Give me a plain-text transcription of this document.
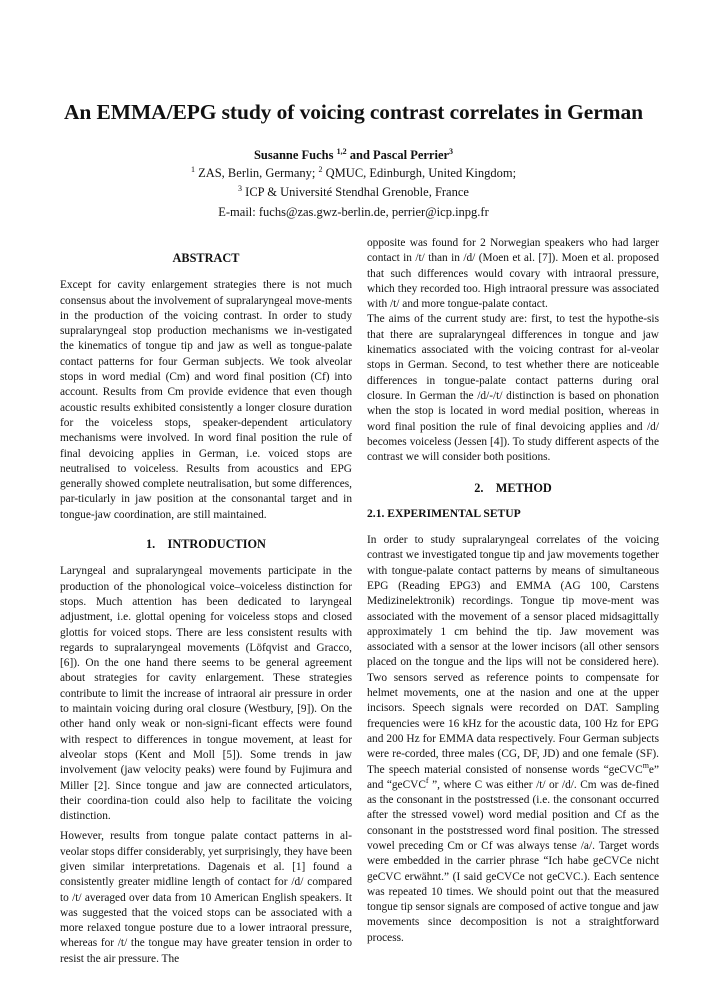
An EMMA/EPG study of voicing contrast correlates in German
Susanne Fuchs $^{1,2}$ and Pascal Perrier$^3$
$^1$ ZAS, Berlin, Germany; $^2$ QMUC, Edinburgh, United Kingdom;
$^3$ ICP & Université Stendhal Grenoble, France
E-mail: fuchs@zas.gwz-berlin.de, perrier@icp.inpg.fr
ABSTRACT

Except for cavity enlargement strategies there is not much consensus about the involvement of supralaryngeal move-ments in the production of the voicing contrast. In order to study supralaryngeal stop production mechanisms we in-vestigated the kinematics of tongue tip and jaw as well as tongue-palate contact patterns for four German subjects. We took alveolar stops in word medial (Cm) and word final position (Cf) into account. Results from Cm provide evidence that even though acoustic results exhibited consistently a longer closure duration for the voiceless stops, speaker-dependent articulatory mechanisms were involved. In word final position the rule of final devoicing applies in German, i.e. voiced stops are neutralised to voiceless. Results from acoustics and EPG generally showed complete neutralisation, but some differences, par-ticularly in jaw position at the consonantal target and in tongue-jaw coordination, are still maintained.

1.    INTRODUCTION

Laryngeal and supralaryngeal movements participate in the production of the phonological voice–voiceless distinction for stops. Much attention has been dedicated to laryngeal adjustment, i.e. glottal opening for voiceless stops and closed glottis for voiced stops. There are less consistent results with regards to supralaryngeal movements (Löfqvist and Gracco, [6]). On the one hand there seems to be general agreement about strategies for cavity enlargement. These strategies contribute to limit the increase of intraoral air pressure in order to maintain voicing during oral closure (Westbury, [9]). On the other hand only weak or non-signi-ficant effects were found with respect to differences in tongue movement, at least for alveolar stops (Kent and Moll [5]). Some trends in jaw involvement (jaw velocity peaks) were found by Fujimura and Miller [2]. Since tongue and jaw are connected articulators, their coordina-tion could also help to facilitate the voicing distinction.

However, results from tongue palate contact patterns in al-veolar stops differ considerably, yet surprisingly, they have been given similar interpretations. Dagenais et al. [1] found a consistently greater midline length of contact for /d/ compared to /t/ averaged over data from 10 American English speakers. It was suggested that the voiced stops can be associated with a more relaxed tongue posture due to a lower intraoral pressure, whereas for /t/ the tongue may have greater tension in order to resist the air pressure. The

opposite was found for 2 Norwegian speakers who had larger contact in /t/ than in /d/ (Moen et al. [7]). Moen et al. proposed that such differences would covary with intraoral pressure, which they recorded too. High intraoral pressure was associated with /t/ and more tongue-palate contact.

The aims of the current study are: first, to test the hypothe-sis that there are supralaryngeal differences in tongue and jaw kinematics associated with the voicing contrast for al-veolar stops in German. Second, to test whether there are noticeable differences in tongue-palate contact patterns during oral closure. In German the /d/-/t/ distinction is based on phonation when the stop is located in word medial position, whereas in word final position the rule of final devoicing applies and /d/ becomes voiceless (Jessen [4]). To study different aspects of the contrast we will consider both positions.

2.    METHOD
2.1. EXPERIMENTAL SETUP

In order to study supralaryngeal correlates of the voicing contrast we investigated tongue tip and jaw movements together with tongue-palate contact patterns by means of simultaneous EPG (Reading EPG3) and EMMA (AG 100, Carstens Medizinelektronik) recordings. Tongue tip move-ment was associated with the movement of a sensor placed midsagittally approximately 1 cm behind the tip. Jaw movement was associated with a sensor at the lower incisors (all other sensors placed on the tongue and the lips will not be considered here). Two sensors served as reference points to compensate for helmet movements, one at the nasion and one at the upper incisors. Speech signals were recorded on DAT. Sampling frequencies were 16 kHz for the acoustic data, 100 Hz for EPG and 200 Hz for EMMA data respectively. Four German subjects were re-corded, three males (CG, DF, JD) and one female (SF). The speech material consisted of nonsense words “geCVC$^m$e” and “geCVC$^f$ ”, where C was either /t/ or /d/. Cm was de-fined as the consonant in the poststressed (i.e. the consonant occurred after the stressed vowel) word medial position and Cf as the consonant in the poststressed word final position. The stressed vowel preceding Cm or Cf was always tense /a/. Target words were embedded in the carrier phrase “Ich habe geCVCe nicht geCVC erwähnt.” (I said geCVCe not geCVC.). Each sentence was repeated 10 times. We should point out that the measured tongue tip sensor signals are composed of active tongue and jaw movements since decomposition is not a straightforward process.
